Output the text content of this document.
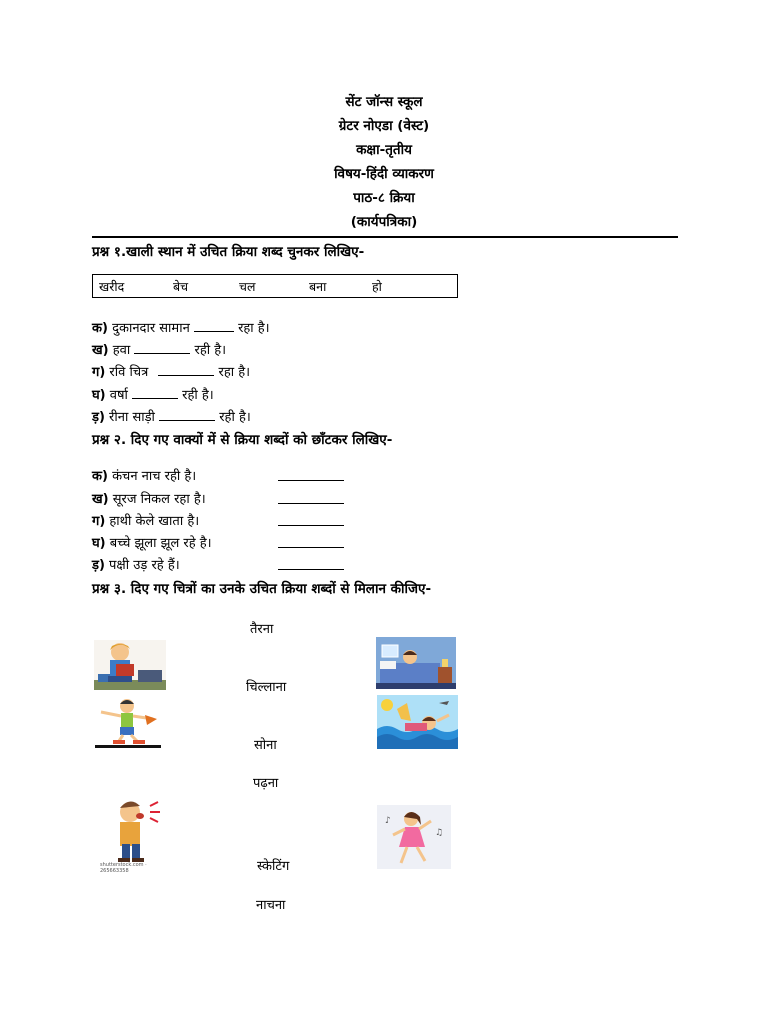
सेंट जॉन्स स्कूल
ग्रेटर नोएडा (वेस्ट)
कक्षा-तृतीय
विषय-हिंदी व्याकरण
पाठ-८ क्रिया
(कार्यपत्रिका)
प्रश्न १.खाली स्थान में उचित क्रिया शब्द चुनकर लिखिए-
खरीद	बेच	चल	बना	हो
क) दुकानदार सामान	रहा है।
ख) हवा	रही है।
ग) रवि चित्र	रहा है।
घ) वर्षा	रही है।
ड़) रीना साड़ी	रही है।
प्रश्न २. दिए गए वाक्यों में से क्रिया शब्दों को छाँटकर लिखिए-
क) कंचन नाच रही है।
ख) सूरज निकल रहा है।
ग) हाथी केले खाता है।
घ) बच्चे झूला झूल रहे है।
ड़) पक्षी उड़ रहे हैं।
प्रश्न ३. दिए गए चित्रों का उनके उचित क्रिया शब्दों से मिलान कीजिए-
तैरना
चिल्लाना
सोना
पढ़ना
स्केटिंग
नाचना
shutterstock.com · 265663358
♪
♫
